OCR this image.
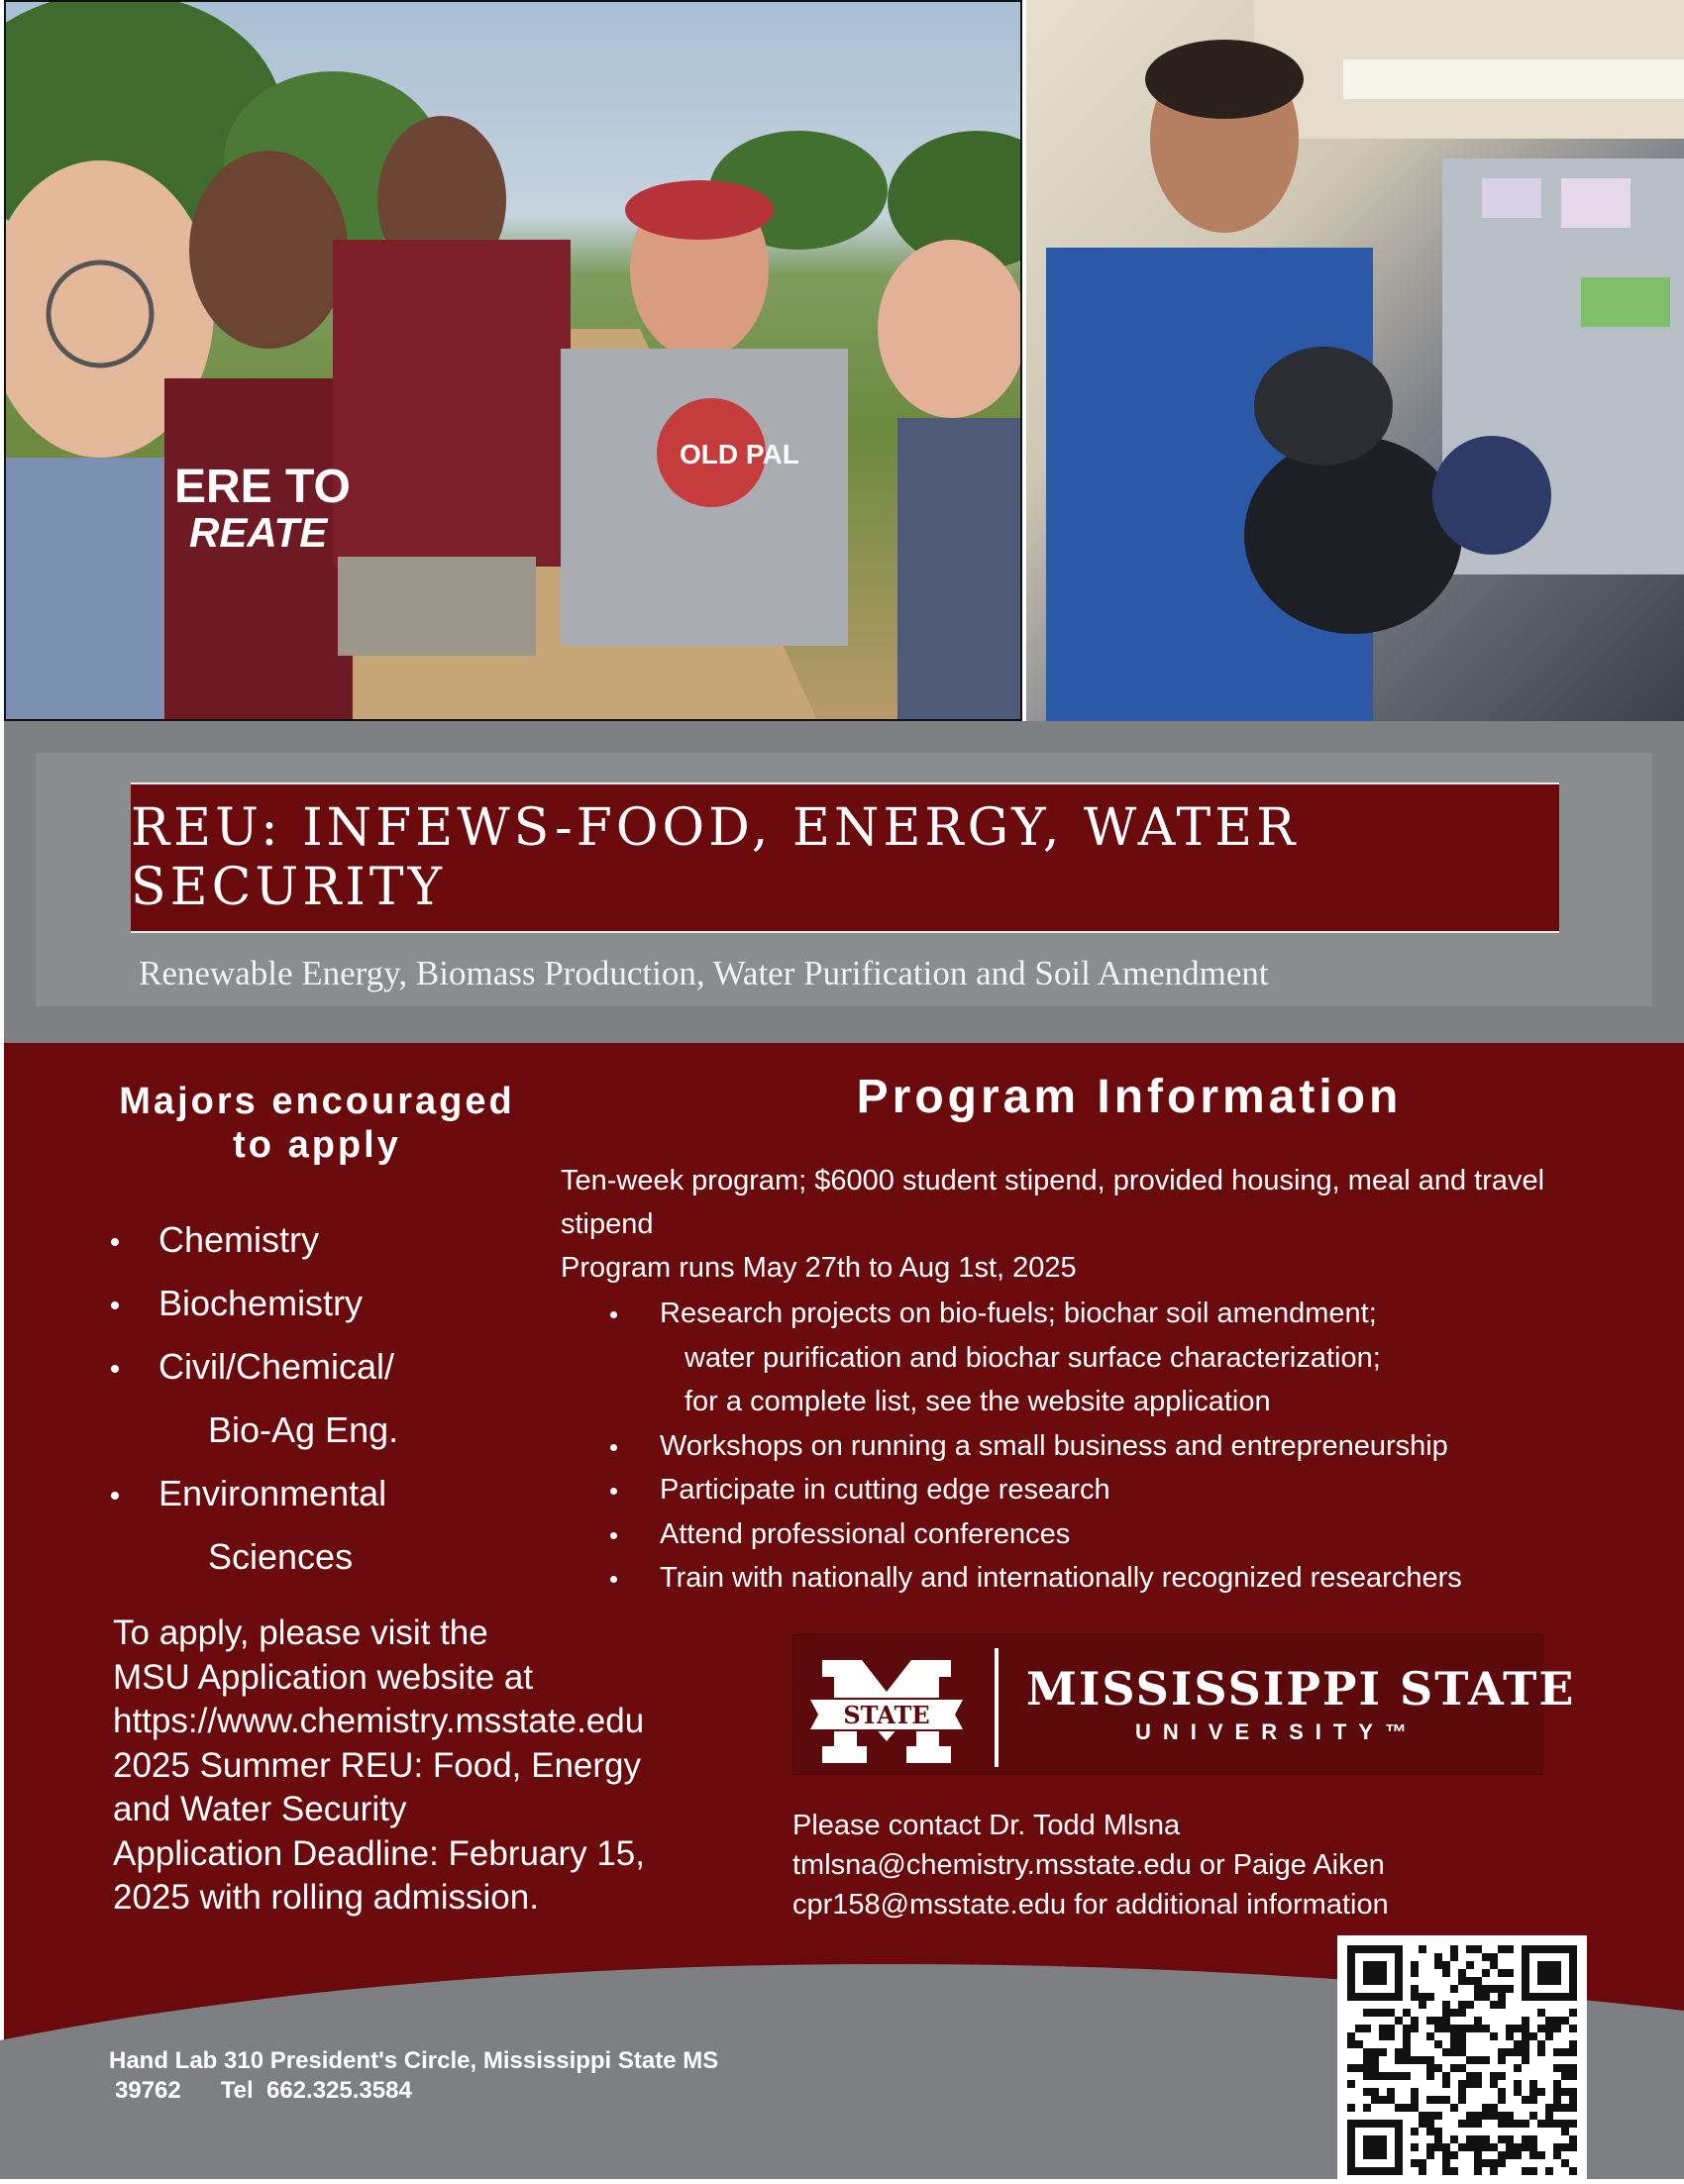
ERE TO
REATE
OLD PAL
REU: INFEWS-FOOD, ENERGY, WATER SECURITY
Renewable Energy, Biomass Production, Water Purification and Soil Amendment
Majors encouraged
to apply
Chemistry
Biochemistry
Civil/Chemical/
Bio-Ag Eng.
Environmental
Sciences
To apply, please visit the
MSU Application website at
https://www.chemistry.msstate.edu
2025 Summer REU: Food, Energy
and Water Security
Application Deadline: February 15,
2025 with rolling admission.
Program Information
Ten-week program; $6000 student stipend, provided housing, meal and travel
stipend
Program runs May 27th to Aug 1st, 2025
Research projects on bio-fuels; biochar soil amendment;
water purification and biochar surface characterization;
for a complete list, see the website application
Workshops on running a small business and entrepreneurship
Participate in cutting edge research
Attend professional conferences
Train with nationally and internationally recognized researchers
STATE MISSISSIPPI STATE
UNIVERSITY™
Please contact Dr. Todd Mlsna
tmlsna@chemistry.msstate.edu or Paige Aiken
cpr158@msstate.edu for additional information
Hand Lab 310 President's Circle, Mississippi State MS
39762      Tel  662.325.3584
